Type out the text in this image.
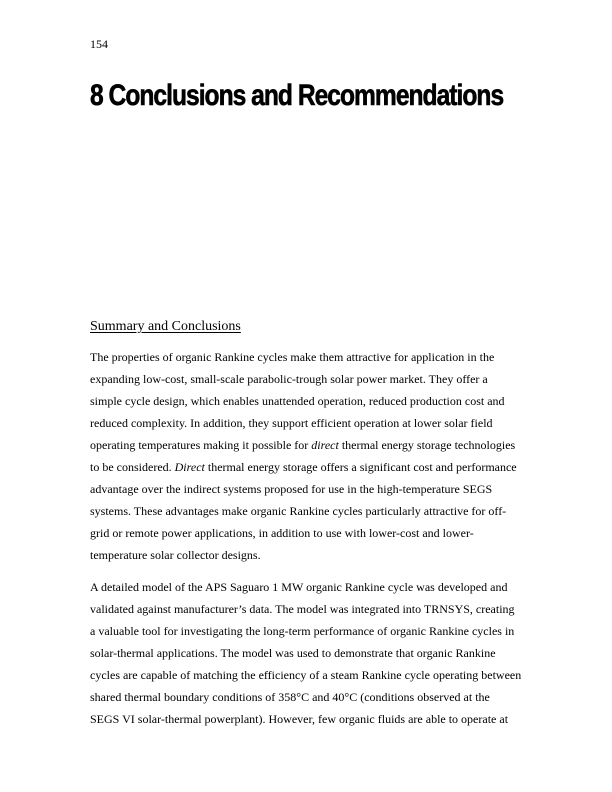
154
8 Conclusions and Recommendations
Summary and Conclusions
The properties of organic Rankine cycles make them attractive for application in the
expanding low-cost, small-scale parabolic-trough solar power market. They offer a
simple cycle design, which enables unattended operation, reduced production cost and
reduced complexity. In addition, they support efficient operation at lower solar field
operating temperatures making it possible for direct thermal energy storage technologies
to be considered. Direct thermal energy storage offers a significant cost and performance
advantage over the indirect systems proposed for use in the high-temperature SEGS
systems. These advantages make organic Rankine cycles particularly attractive for off-
grid or remote power applications, in addition to use with lower-cost and lower-
temperature solar collector designs.
A detailed model of the APS Saguaro 1 MW organic Rankine cycle was developed and
validated against manufacturer’s data. The model was integrated into TRNSYS, creating
a valuable tool for investigating the long-term performance of organic Rankine cycles in
solar-thermal applications. The model was used to demonstrate that organic Rankine
cycles are capable of matching the efficiency of a steam Rankine cycle operating between
shared thermal boundary conditions of 358°C and 40°C (conditions observed at the
SEGS VI solar-thermal powerplant). However, few organic fluids are able to operate at
